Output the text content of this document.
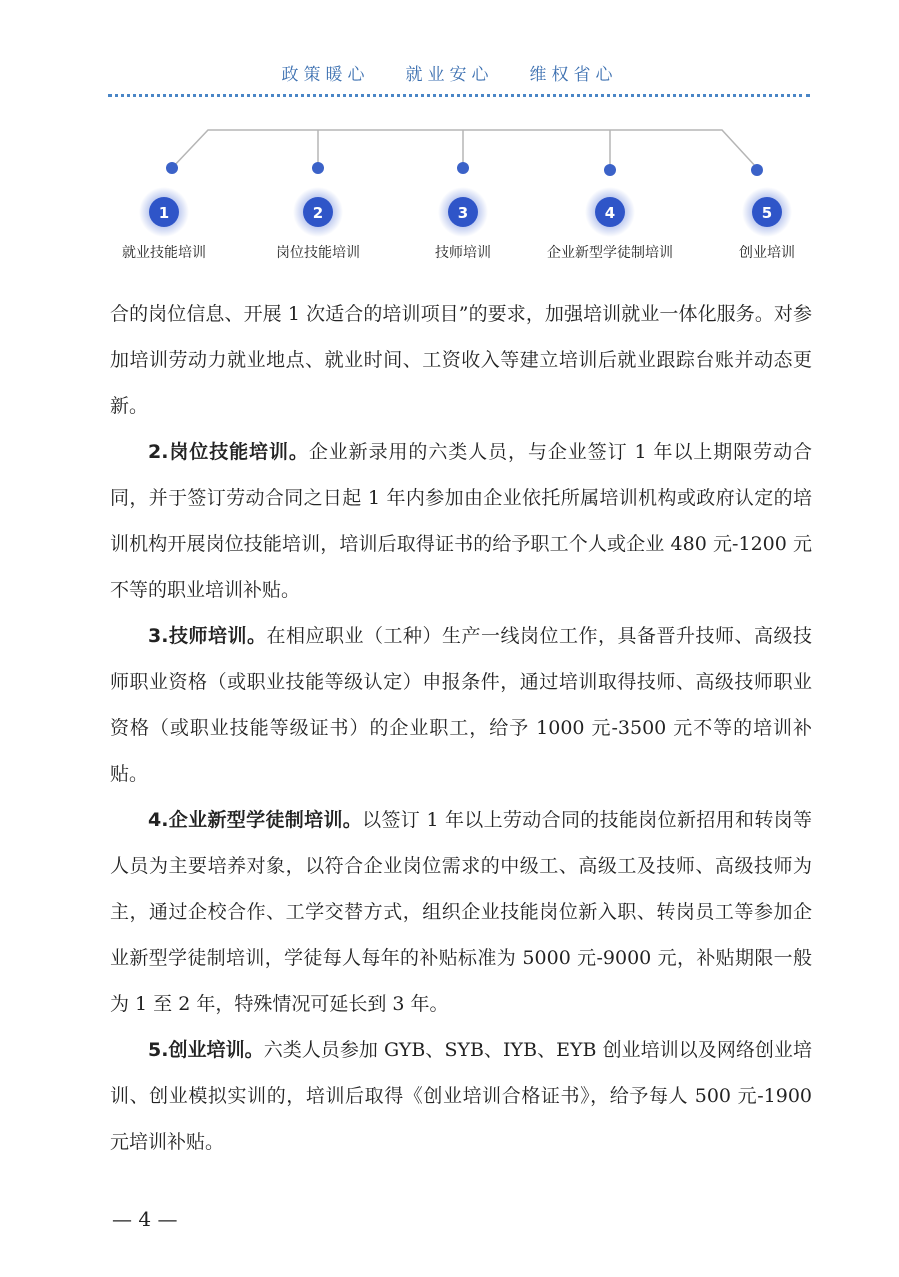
政策暖心 就业安心 维权省心
1	2	3	4	5
就业技能培训	岗位技能培训	技师培训	企业新型学徒制培训	创业培训

合的岗位信息、开展 1 次适合的培训项目”的要求，加强培训就业一体化服务。对参加培训劳动力就业地点、就业时间、工资收入等建立培训后就业跟踪台账并动态更新。

2.岗位技能培训。企业新录用的六类人员，与企业签订 1 年以上期限劳动合同，并于签订劳动合同之日起 1 年内参加由企业依托所属培训机构或政府认定的培训机构开展岗位技能培训，培训后取得证书的给予职工个人或企业 480 元-1200 元不等的职业培训补贴。

3.技师培训。在相应职业（工种）生产一线岗位工作，具备晋升技师、高级技师职业资格（或职业技能等级认定）申报条件，通过培训取得技师、高级技师职业资格（或职业技能等级证书）的企业职工，给予 1000 元-3500 元不等的培训补贴。

4.企业新型学徒制培训。以签订 1 年以上劳动合同的技能岗位新招用和转岗等人员为主要培养对象，以符合企业岗位需求的中级工、高级工及技师、高级技师为主，通过企校合作、工学交替方式，组织企业技能岗位新入职、转岗员工等参加企业新型学徒制培训，学徒每人每年的补贴标准为 5000 元-9000 元，补贴期限一般为 1 至 2 年，特殊情况可延长到 3 年。

5.创业培训。六类人员参加 GYB、SYB、IYB、EYB 创业培训以及网络创业培训、创业模拟实训的，培训后取得《创业培训合格证书》，给予每人 500 元-1900 元培训补贴。

— 4 —
